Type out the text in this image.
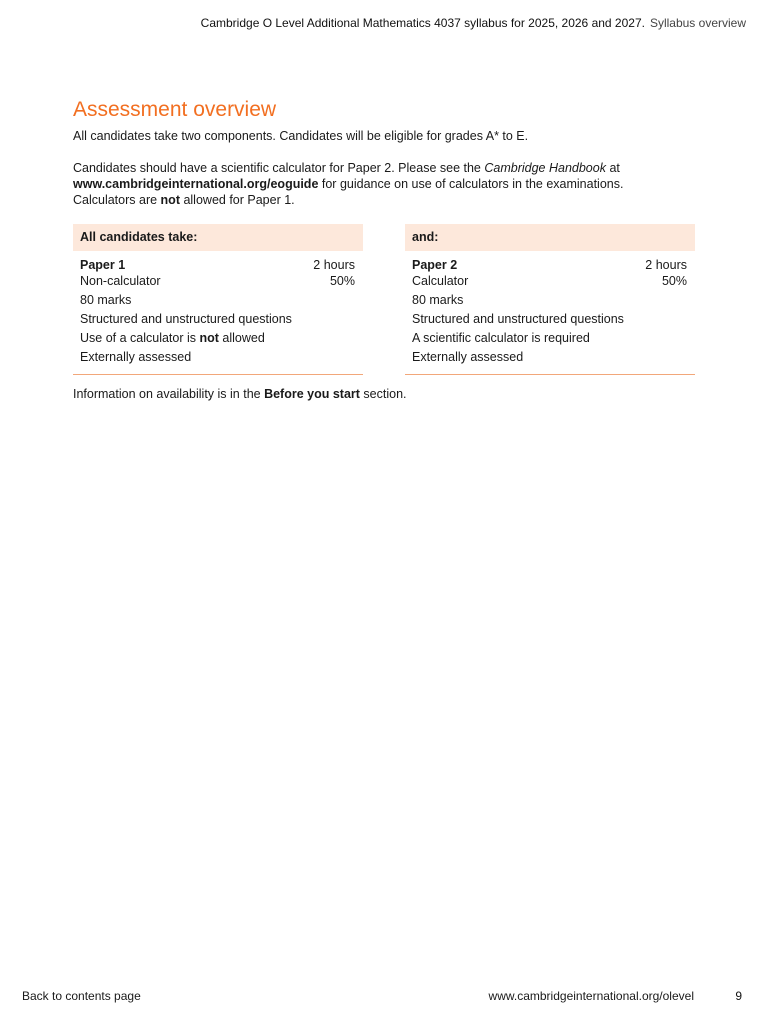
Cambridge O Level Additional Mathematics 4037 syllabus for 2025, 2026 and 2027. Syllabus overview
Assessment overview

All candidates take two components. Candidates will be eligible for grades A* to E.

Candidates should have a scientific calculator for Paper 2. Please see the Cambridge Handbook at
www.cambridgeinternational.org/eoguide for guidance on use of calculators in the examinations.
Calculators are not allowed for Paper 1.

All candidates take:
Paper 1	2 hours
Non-calculator	50%
80 marks
Structured and unstructured questions
Use of a calculator is not allowed
Externally assessed
and:
Paper 2	2 hours
Calculator	50%
80 marks
Structured and unstructured questions
A scientific calculator is required
Externally assessed

Information on availability is in the Before you start section.

Back to contents page	www.cambridgeinternational.org/olevel	9
